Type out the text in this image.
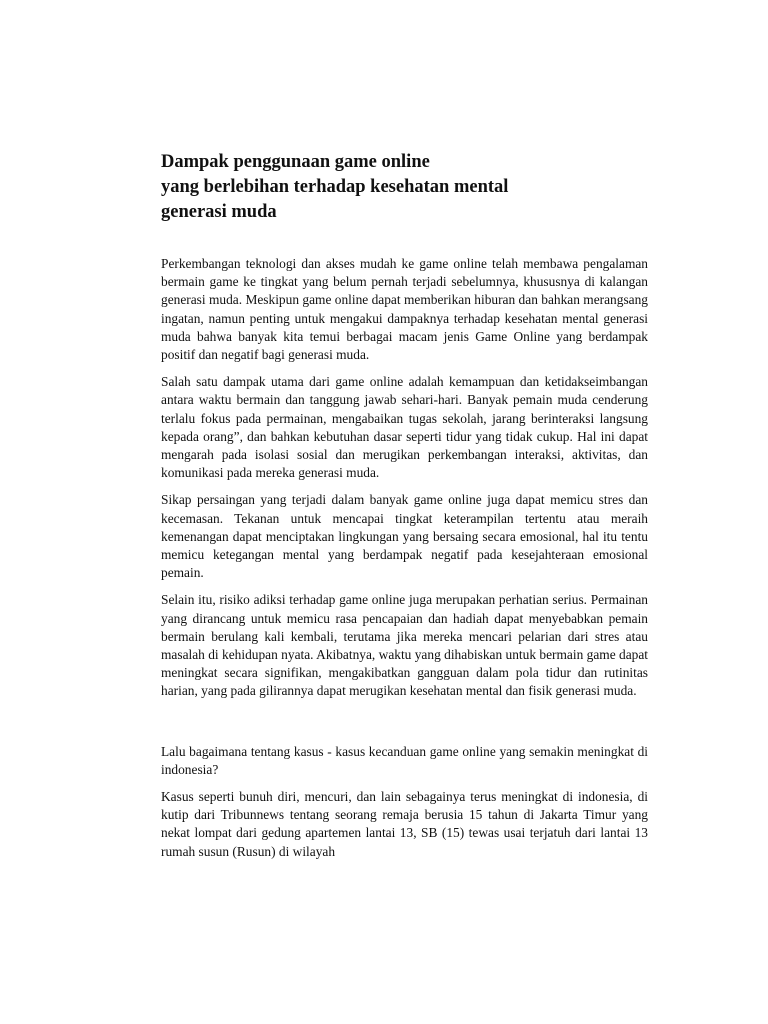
Dampak penggunaan game online
yang berlebihan terhadap kesehatan mental
generasi muda

Perkembangan teknologi dan akses mudah ke game online telah membawa pengalaman bermain game ke tingkat yang belum pernah terjadi sebelumnya, khususnya di kalangan generasi muda. Meskipun game online dapat memberikan hiburan dan bahkan merangsang ingatan, namun penting untuk mengakui dampaknya terhadap kesehatan mental generasi muda bahwa banyak kita temui berbagai macam jenis Game Online yang berdampak positif dan negatif bagi generasi muda.

Salah satu dampak utama dari game online adalah kemampuan dan ketidakseimbangan antara waktu bermain dan tanggung jawab sehari-hari. Banyak pemain muda cenderung terlalu fokus pada permainan, mengabaikan tugas sekolah, jarang berinteraksi langsung kepada orang”, dan bahkan kebutuhan dasar seperti tidur yang tidak cukup. Hal ini dapat mengarah pada isolasi sosial dan merugikan perkembangan interaksi, aktivitas, dan komunikasi pada mereka generasi muda.

Sikap persaingan yang terjadi dalam banyak game online juga dapat memicu stres dan kecemasan. Tekanan untuk mencapai tingkat keterampilan tertentu atau meraih kemenangan dapat menciptakan lingkungan yang bersaing secara emosional, hal itu tentu memicu ketegangan mental yang berdampak negatif pada kesejahteraan emosional pemain.

Selain itu, risiko adiksi terhadap game online juga merupakan perhatian serius. Permainan yang dirancang untuk memicu rasa pencapaian dan hadiah dapat menyebabkan pemain bermain berulang kali kembali, terutama jika mereka mencari pelarian dari stres atau masalah di kehidupan nyata. Akibatnya, waktu yang dihabiskan untuk bermain game dapat meningkat secara signifikan, mengakibatkan gangguan dalam pola tidur dan rutinitas harian, yang pada gilirannya dapat merugikan kesehatan mental dan fisik generasi muda.

Lalu bagaimana tentang kasus - kasus kecanduan game online yang semakin meningkat di indonesia?

Kasus seperti bunuh diri, mencuri, dan lain sebagainya terus meningkat di indonesia, di kutip dari Tribunnews tentang seorang remaja berusia 15 tahun di Jakarta Timur yang nekat lompat dari gedung apartemen lantai 13, SB (15) tewas usai terjatuh dari lantai 13 rumah susun (Rusun) di wilayah
